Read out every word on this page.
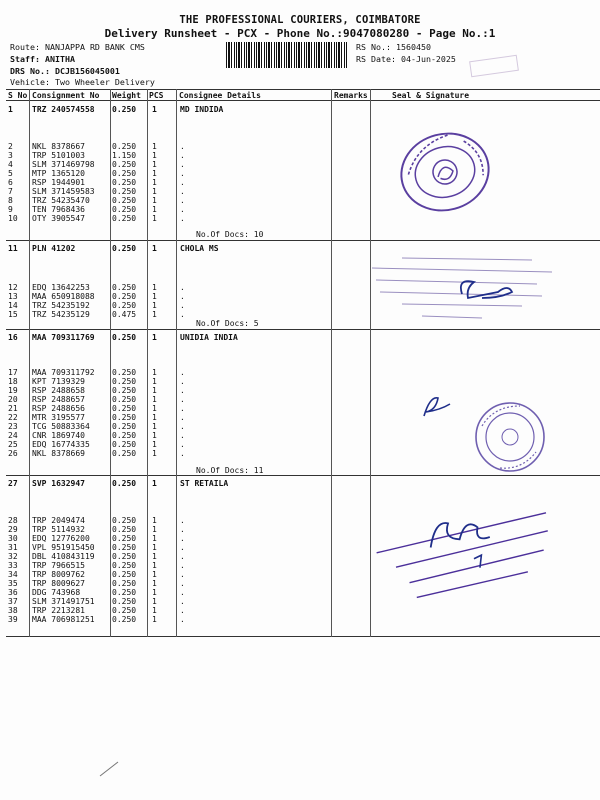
THE PROFESSIONAL COURIERS, COIMBATORE
Delivery Runsheet - PCX - Phone No.:9047080280 - Page No.:1
Route: NANJAPPA RD BANK CMS
Staff: ANITHA
DRS No.: DCJB156045001
Vehicle: Two Wheeler Delivery
RS No.: 1560450
RS Date: 04-Jun-2025
S No Consignment No Weight PCS Consignee Details	Remarks	Seal & Signature
1 TRZ 240574558 0.250 1	MD INDIDA
2 NKL 8378667	0.250 1	.
3 TRP 5101003	1.150 1	.
4 SLM 371469798 0.250 1	.
5 MTP 1365120	0.250 1	.
6 RSP 1944901	0.250 1	.
7 SLM 371459583 0.250 1	.
8 TRZ 54235470	0.250 1	.
9 TEN 7968436	0.250 1	.
10 OTY 3905547	0.250 1	.
11 PLN 41202	0.250 1	CHOLA MS
12 EDQ 13642253	0.250 1	.
13 MAA 650918088 0.250 1	.
14 TRZ 54235192	0.250 1	.
15 TRZ 54235129	0.475 1	.
16 MAA 709311769 0.250 1	UNIDIA INDIA
17 MAA 709311792 0.250 1	.
18 KPT 7139329	0.250 1	.
19 RSP 2488658	0.250 1	.
20 RSP 2488657	0.250 1	.
21 RSP 2488656	0.250 1	.
22 MTR 3195577	0.250 1	.
23 TCG 50883364	0.250 1	.
24 CNR 1869740	0.250 1	.
25 EDQ 16774335	0.250 1	.
26 NKL 8378669	0.250 1	.
27 SVP 1632947	0.250 1	ST RETAILA
28 TRP 2049474	0.250 1	.
29 TRP 5114932	0.250 1	.
30 EDQ 12776200	0.250 1	.
31 VPL 951915450 0.250 1	.
32 DBL 410843119 0.250 1	.
33 TRP 7966515	0.250 1	.
34 TRP 8009762	0.250 1	.
35 TRP 8009627	0.250 1	.
36 DDG 743968	0.250 1	.
37 SLM 371491751 0.250 1	.
38 TRP 2213281	0.250 1	.
39 MAA 706981251 0.250 1	.
No.Of Docs: 10
No.Of Docs: 5
No.Of Docs: 11
